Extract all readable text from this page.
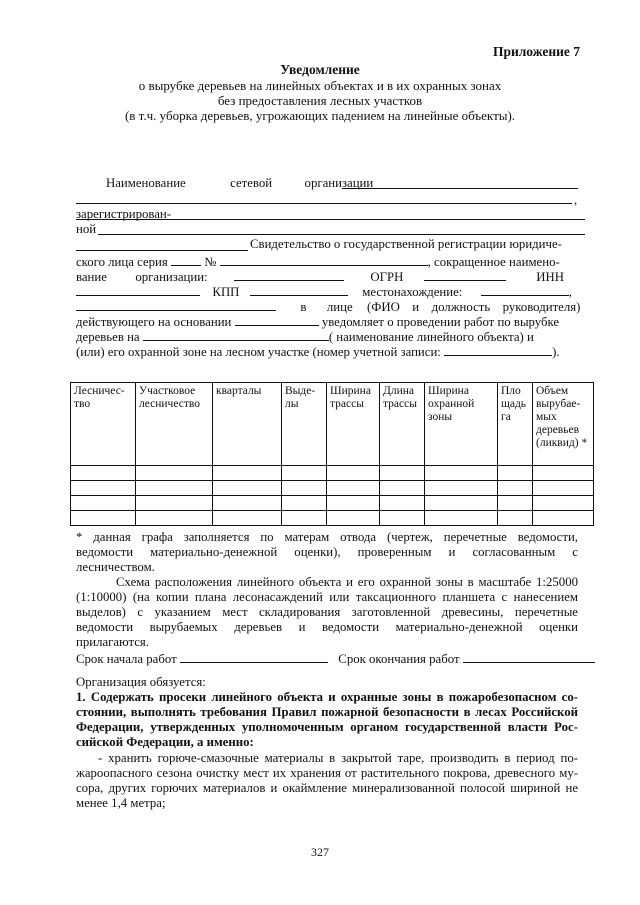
Приложение 7
Уведомление
о вырубке деревьев на линейных объектах и в их охранных зонах
без предоставления лесных участков
(в т.ч. уборка деревьев, угрожающих падением на линейные объекты).
Наименование	сетевой	организации
,
зарегистрирован-
ной
Свидетельство о государственной регистрации юридиче-
ского лица серия	№	, сокращенное наимено-
вание организации:	ОГРН	ИНН
КПП	местонахождение:	,
в лице (ФИО и должность руководителя)
действующего на основании	уведомляет о проведении работ по вырубке
деревьев на	( наименование линейного объекта) и
(или) его охранной зоне на лесном участке (номер учетной записи:	).
Лесничес-тво	Участковое лесничество	кварталы	Выде-лы	Ширина трассы	Длина трассы	Ширина охранной зоны	Пло щадь га	Объем вырубае-мых деревьев (ликвид) *

* данная графа заполняется по матерам отвода (чертеж, перечетные ведомости,
ведомости материально-денежной оценки), проверенным и согласованным с
лесничеством.
Схема расположения линейного объекта и его охранной зоны в масштабе 1:25000
(1:10000) (на копии плана лесонасаждений или таксационного планшета с нанесением
выделов) с указанием мест складирования заготовленной древесины, перечетные
ведомости вырубаемых деревьев и ведомости материально-денежной оценки
прилагаются.
Срок начала работ	Срок окончания работ
Организация обязуется:
1. Содержать просеки линейного объекта и охранные зоны в пожаробезопасном со-
стоянии, выполнять требования Правил пожарной безопасности в лесах Российской
Федерации, утвержденных уполномоченным органом государственной власти Рос-
сийской Федерации, а именно:
- хранить горюче-смазочные материалы в закрытой таре, производить в период по-
жароопасного сезона очистку мест их хранения от растительного покрова, древесного му-
сора, других горючих материалов и окаймление минерализованной полосой шириной не
менее 1,4 метра;
327
